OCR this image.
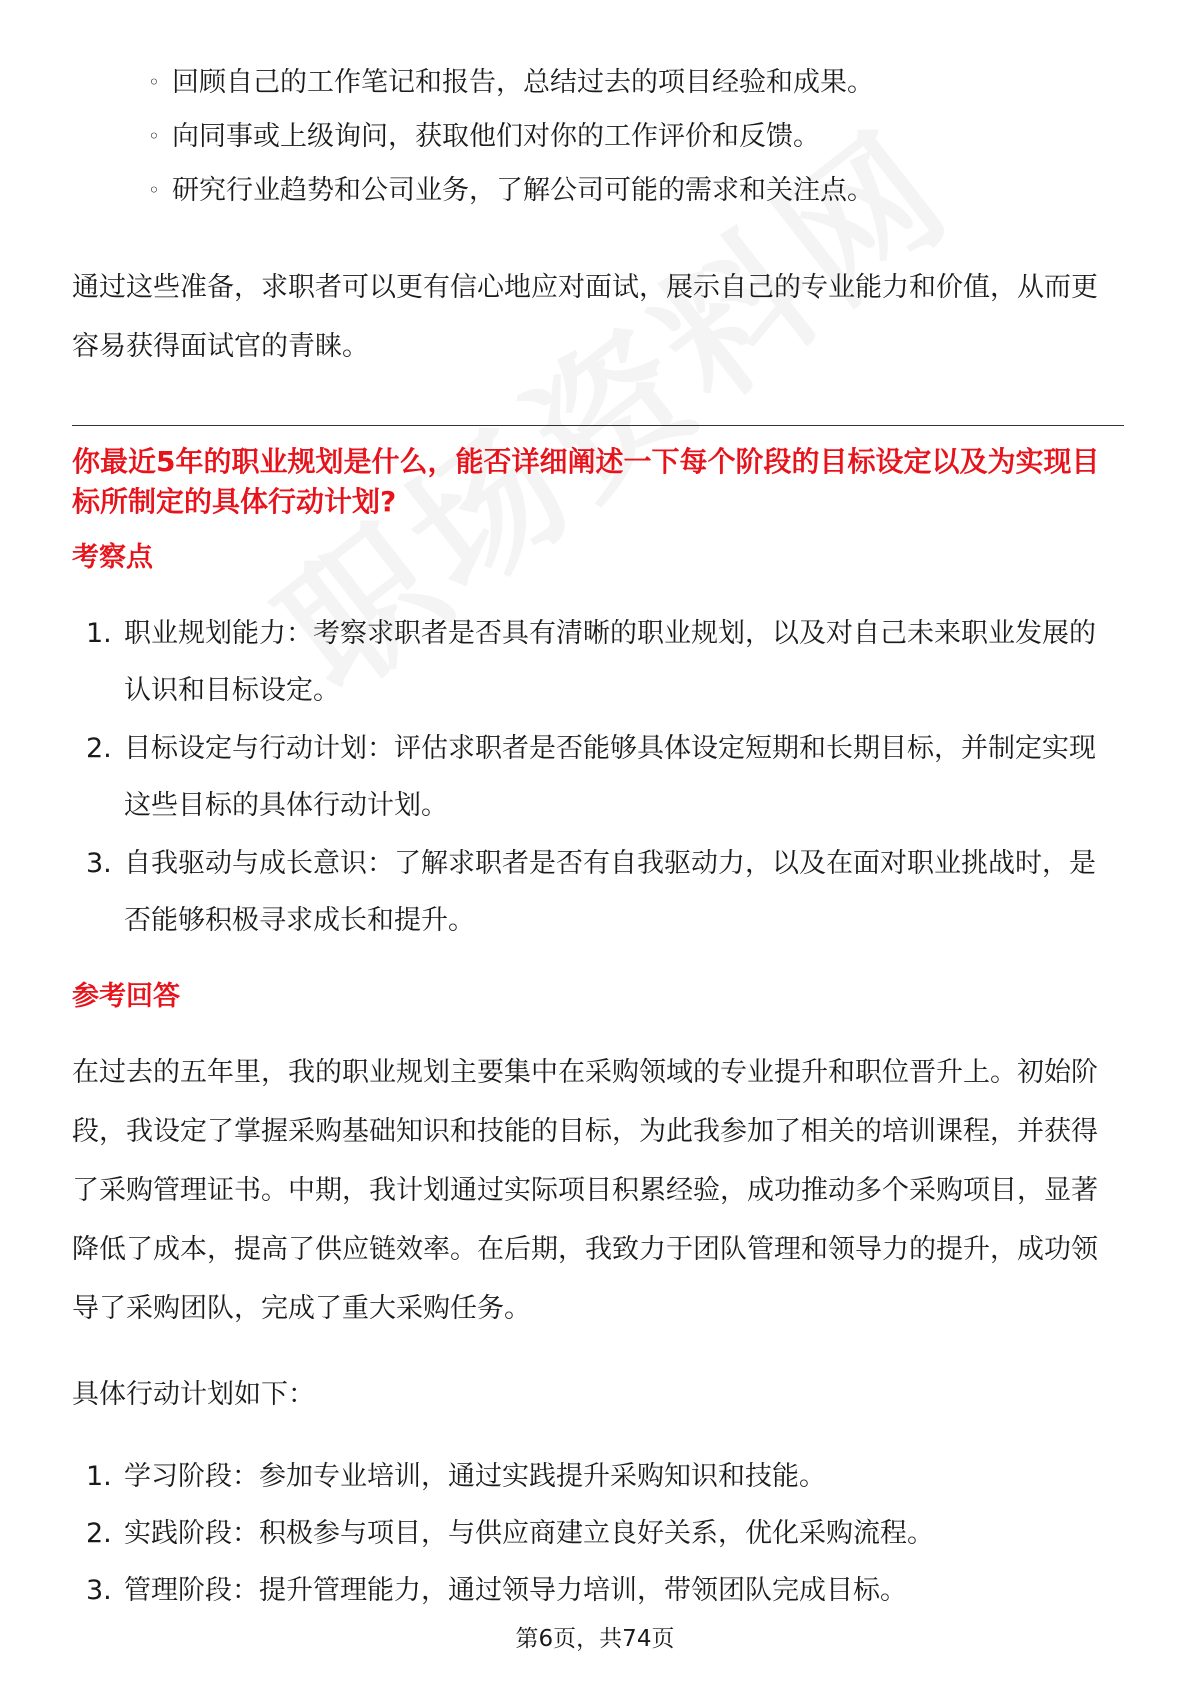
◦ 回顾自己的工作笔记和报告，总结过去的项目经验和成果。
◦ 向同事或上级询问，获取他们对你的工作评价和反馈。
◦ 研究行业趋势和公司业务，了解公司可能的需求和关注点。
通过这些准备，求职者可以更有信心地应对面试，展示自己的专业能力和价值，从而更容易获得面试官的青睐。
你最近5年的职业规划是什么，能否详细阐述一下每个阶段的目标设定以及为实现目标所制定的具体行动计划?
考察点
1. 职业规划能力：考察求职者是否具有清晰的职业规划，以及对自己未来职业发展的认识和目标设定。
2. 目标设定与行动计划：评估求职者是否能够具体设定短期和长期目标，并制定实现这些目标的具体行动计划。
3. 自我驱动与成长意识：了解求职者是否有自我驱动力，以及在面对职业挑战时，是否能够积极寻求成长和提升。
参考回答
在过去的五年里，我的职业规划主要集中在采购领域的专业提升和职位晋升上。初始阶段，我设定了掌握采购基础知识和技能的目标，为此我参加了相关的培训课程，并获得了采购管理证书。中期，我计划通过实际项目积累经验，成功推动多个采购项目，显著降低了成本，提高了供应链效率。在后期，我致力于团队管理和领导力的提升，成功领导了采购团队，完成了重大采购任务。
具体行动计划如下：
1. 学习阶段：参加专业培训，通过实践提升采购知识和技能。
2. 实践阶段：积极参与项目，与供应商建立良好关系，优化采购流程。
3. 管理阶段：提升管理能力，通过领导力培训，带领团队完成目标。
第6页，共74页
